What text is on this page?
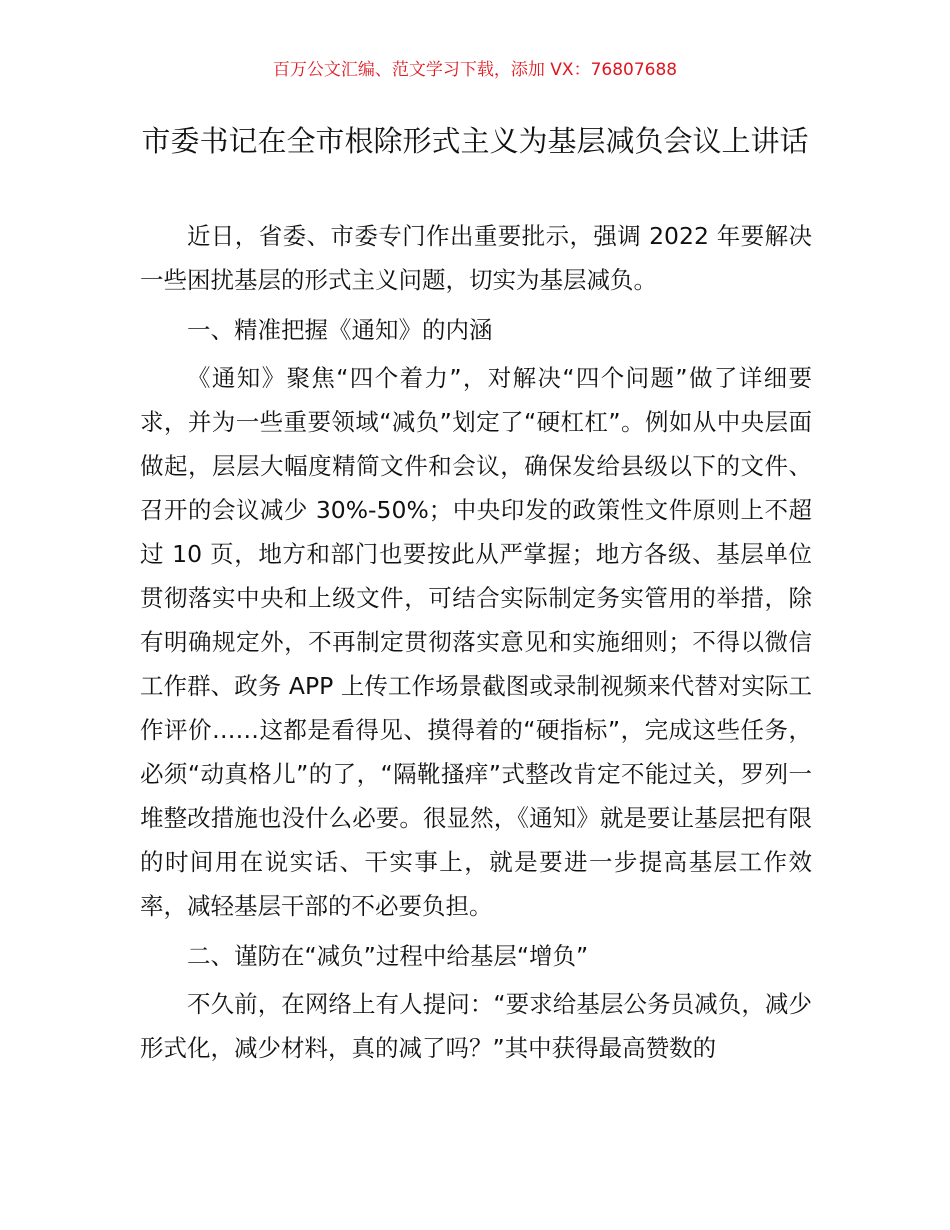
百万公文汇编、范文学习下载，添加 VX：76807688
市委书记在全市根除形式主义为基层减负会议上讲话

近日，省委、市委专门作出重要批示，强调 2022 年要解决一些困扰基层的形式主义问题，切实为基层减负。

一、精准把握《通知》的内涵

《通知》聚焦“四个着力”，对解决“四个问题”做了详细要求，并为一些重要领域“减负”划定了“硬杠杠”。例如从中央层面做起，层层大幅度精简文件和会议，确保发给县级以下的文件、召开的会议减少 30%-50%；中央印发的政策性文件原则上不超过 10 页，地方和部门也要按此从严掌握；地方各级、基层单位贯彻落实中央和上级文件，可结合实际制定务实管用的举措，除有明确规定外，不再制定贯彻落实意见和实施细则；不得以微信工作群、政务 APP 上传工作场景截图或录制视频来代替对实际工作评价……这都是看得见、摸得着的“硬指标”，完成这些任务，必须“动真格儿”的了，“隔靴搔痒”式整改肯定不能过关，罗列一堆整改措施也没什么必要。很显然，《通知》就是要让基层把有限的时间用在说实话、干实事上，就是要进一步提高基层工作效率，减轻基层干部的不必要负担。

二、谨防在“减负”过程中给基层“增负”

不久前，在网络上有人提问：“要求给基层公务员减负，减少形式化，减少材料，真的减了吗？”其中获得最高赞数的
